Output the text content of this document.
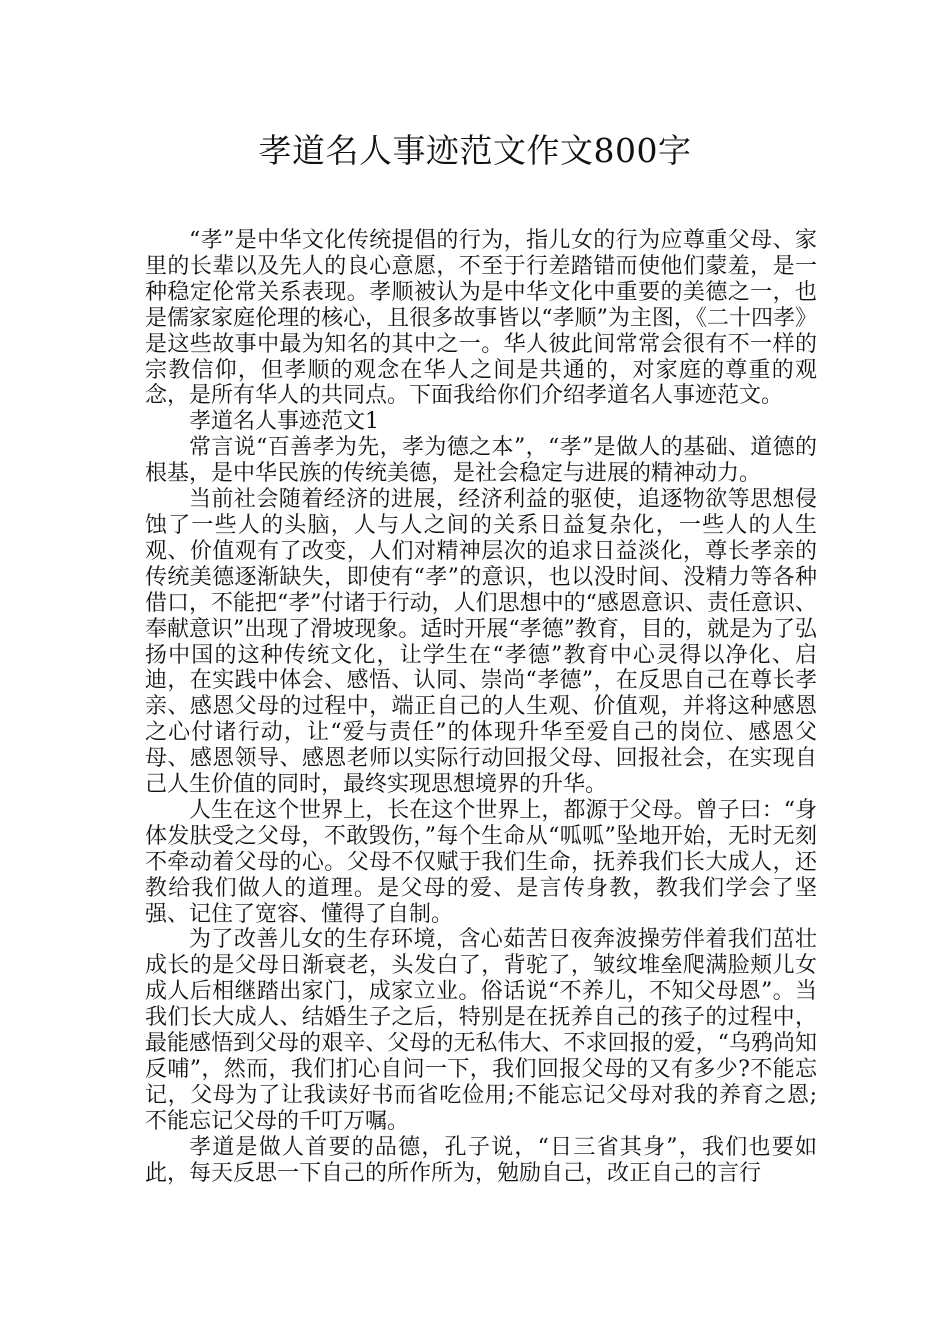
孝道名人事迹范文作文800字

“孝”是中华文化传统提倡的行为，指儿女的行为应尊重父母、家里的长辈以及先人的良心意愿，不至于行差踏错而使他们蒙羞，是一种稳定伦常关系表现。孝顺被认为是中华文化中重要的美德之一，也是儒家家庭伦理的核心，且很多故事皆以“孝顺”为主图，《二十四孝》是这些故事中最为知名的其中之一。华人彼此间常常会很有不一样的宗教信仰，但孝顺的观念在华人之间是共通的，对家庭的尊重的观念，是所有华人的共同点。下面我给你们介绍孝道名人事迹范文。

孝道名人事迹范文1

常言说“百善孝为先，孝为德之本”，“孝”是做人的基础、道德的根基，是中华民族的传统美德，是社会稳定与进展的精神动力。

当前社会随着经济的进展，经济利益的驱使，追逐物欲等思想侵蚀了一些人的头脑，人与人之间的关系日益复杂化，一些人的人生观、价值观有了改变，人们对精神层次的追求日益淡化，尊长孝亲的传统美德逐渐缺失，即使有“孝”的意识，也以没时间、没精力等各种借口，不能把“孝”付诸于行动，人们思想中的“感恩意识、责任意识、奉献意识”出现了滑坡现象。适时开展“孝德”教育，目的，就是为了弘扬中国的这种传统文化，让学生在“孝德”教育中心灵得以净化、启迪，在实践中体会、感悟、认同、崇尚“孝德”，在反思自己在尊长孝亲、感恩父母的过程中，端正自己的人生观、价值观，并将这种感恩之心付诸行动，让“爱与责任”的体现升华至爱自己的岗位、感恩父母、感恩领导、感恩老师以实际行动回报父母、回报社会，在实现自己人生价值的同时，最终实现思想境界的升华。

人生在这个世界上，长在这个世界上，都源于父母。曾子曰：“身体发肤受之父母，不敢毁伤，”每个生命从“呱呱”坠地开始，无时无刻不牵动着父母的心。父母不仅赋于我们生命，抚养我们长大成人，还教给我们做人的道理。是父母的爱、是言传身教，教我们学会了坚强、记住了宽容、懂得了自制。

为了改善儿女的生存环境，含心茹苦日夜奔波操劳伴着我们茁壮成长的是父母日渐衰老，头发白了，背驼了，皱纹堆垒爬满脸颊儿女成人后相继踏出家门，成家立业。俗话说“不养儿，不知父母恩”。当我们长大成人、结婚生子之后，特别是在抚养自己的孩子的过程中，最能感悟到父母的艰辛、父母的无私伟大、不求回报的爱，“乌鸦尚知反哺”，然而，我们扪心自问一下，我们回报父母的又有多少?不能忘记，父母为了让我读好书而省吃俭用;不能忘记父母对我的养育之恩;不能忘记父母的千叮万嘱。

孝道是做人首要的品德，孔子说，“日三省其身”，我们也要如此，每天反思一下自己的所作所为，勉励自己，改正自己的言行
